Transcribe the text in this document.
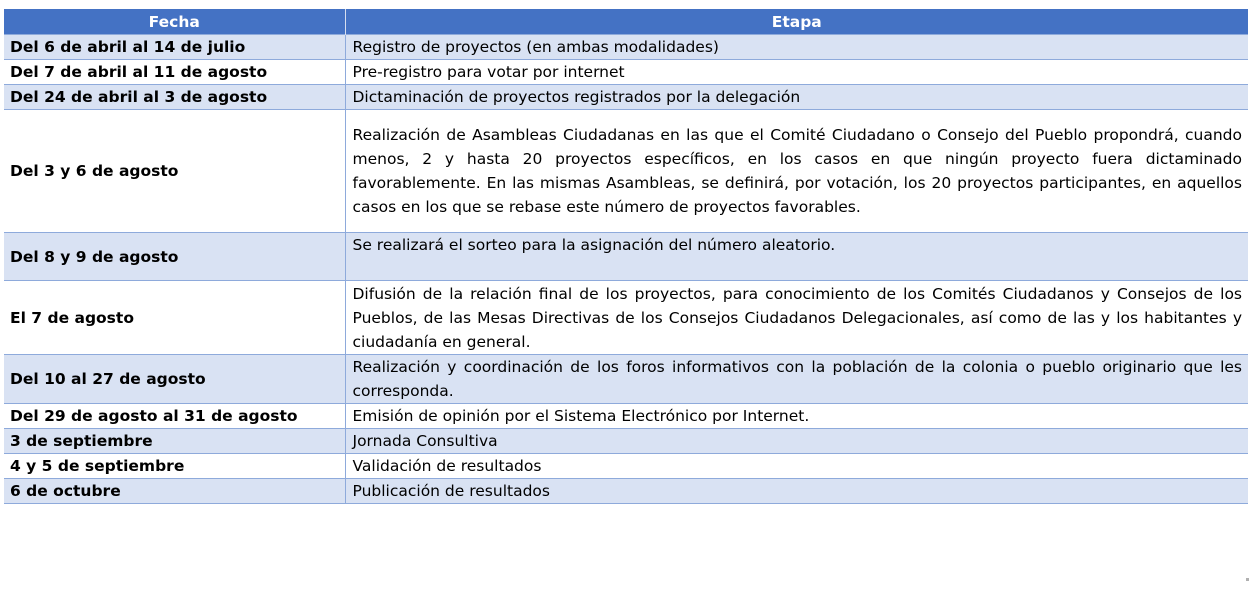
Fecha	Etapa
Del 6 de abril al 14 de julio	Registro de proyectos (en ambas modalidades)
Del 7 de abril al 11 de agosto	Pre-registro para votar por internet
Del 24 de abril al 3 de agosto	Dictaminación de proyectos registrados por la delegación
Del 3 y 6 de agosto	Realización de Asambleas Ciudadanas en las que el Comité Ciudadano o Consejo del Pueblo propondrá, cuando menos, 2 y hasta 20 proyectos específicos, en los casos en que ningún proyecto fuera dictaminado favorablemente. En las mismas Asambleas, se definirá, por votación, los 20 proyectos participantes, en aquellos casos en los que se rebase este número de proyectos favorables.
Del 8 y 9 de agosto	Se realizará el sorteo para la asignación del número aleatorio.
El 7 de agosto	Difusión de la relación final de los proyectos, para conocimiento de los Comités Ciudadanos y Consejos de los Pueblos, de las Mesas Directivas de los Consejos Ciudadanos Delegacionales, así como de las y los habitantes y ciudadanía en general.
Del 10 al 27 de agosto	Realización y coordinación de los foros informativos con la población de la colonia o pueblo originario que les corresponda.
Del 29 de agosto al 31 de agosto	Emisión de opinión por el Sistema Electrónico por Internet.
3 de septiembre	Jornada Consultiva
4 y 5 de septiembre	Validación de resultados
6 de octubre	Publicación de resultados
